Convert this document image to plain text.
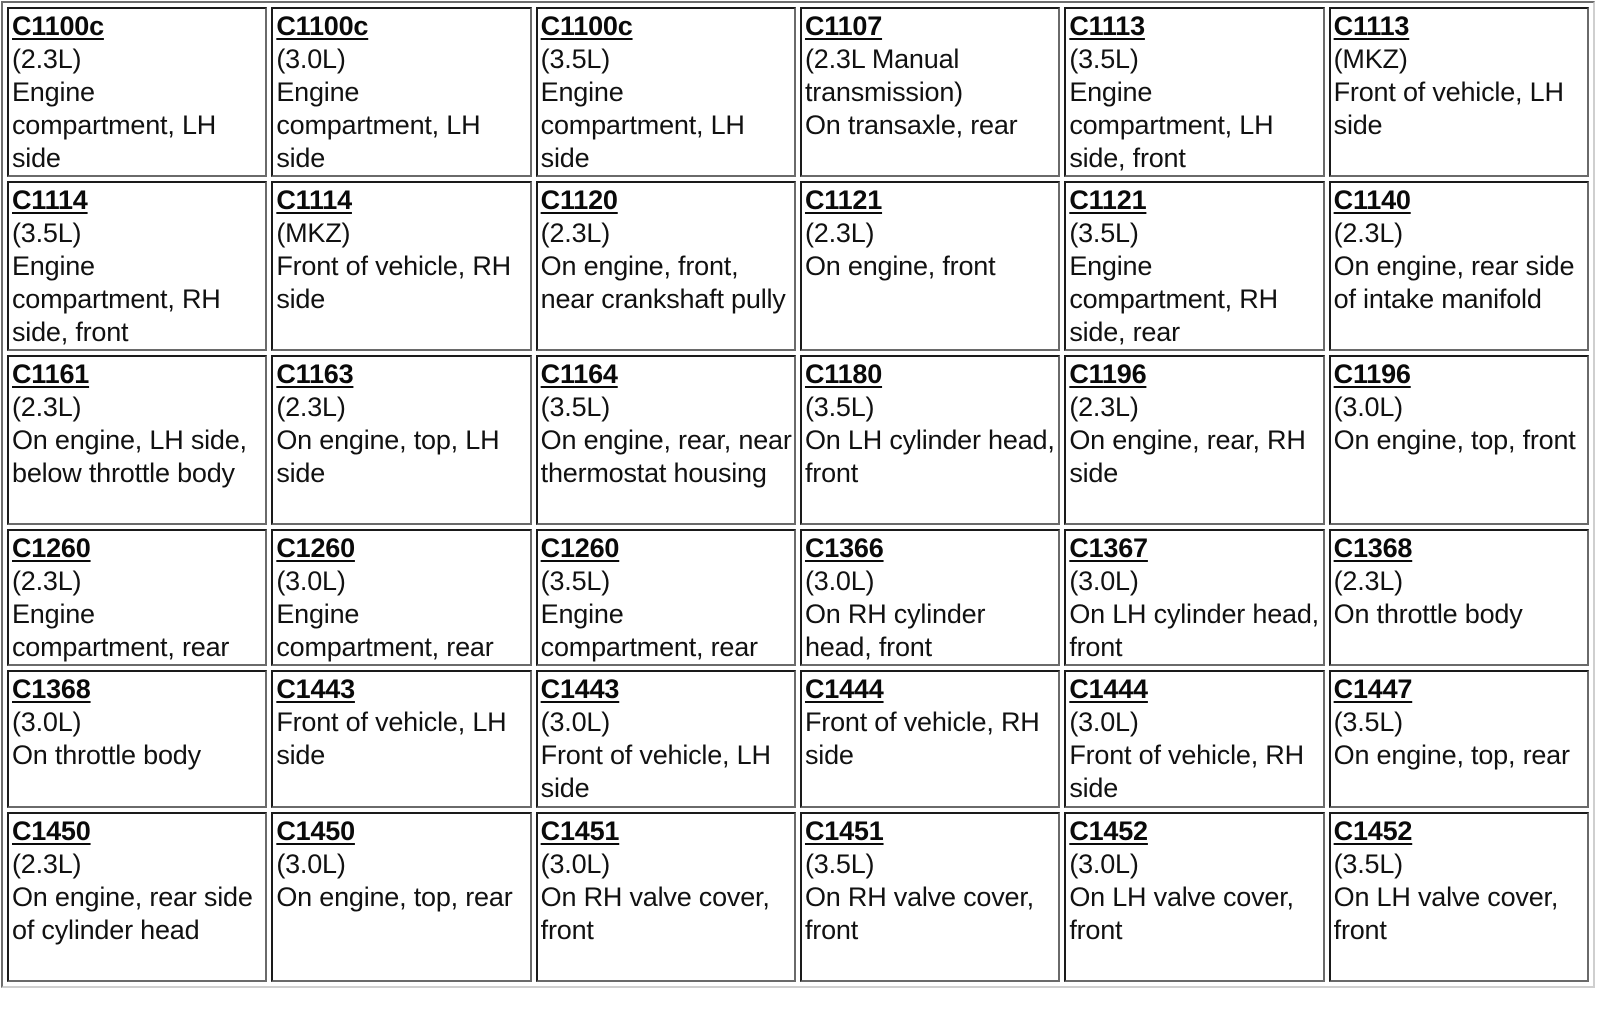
C1100c
(2.3L)
Engine compartment, LH side	C1100c
(3.0L)
Engine compartment, LH side	C1100c
(3.5L)
Engine compartment, LH side	C1107
(2.3L Manual transmission)
On transaxle, rear	C1113
(3.5L)
Engine compartment, LH side, front	C1113
(MKZ)
Front of vehicle, LH side

C1114
(3.5L)
Engine compartment, RH side, front	C1114
(MKZ)
Front of vehicle, RH side	C1120
(2.3L)
On engine, front, near crankshaft pully	C1121
(2.3L)
On engine, front	C1121
(3.5L)
Engine compartment, RH side, rear	C1140
(2.3L)
On engine, rear side of intake manifold

C1161
(2.3L)
On engine, LH side, below throttle body	C1163
(2.3L)
On engine, top, LH side	C1164
(3.5L)
On engine, rear, near thermostat housing	C1180
(3.5L)
On LH cylinder head, front	C1196
(2.3L)
On engine, rear, RH side	C1196
(3.0L)
On engine, top, front

C1260
(2.3L)
Engine compartment, rear	C1260
(3.0L)
Engine compartment, rear	C1260
(3.5L)
Engine compartment, rear	C1366
(3.0L)
On RH cylinder head, front	C1367
(3.0L)
On LH cylinder head, front	C1368
(2.3L)
On throttle body

C1368
(3.0L)
On throttle body	C1443
Front of vehicle, LH side	C1443
(3.0L)
Front of vehicle, LH side	C1444
Front of vehicle, RH side	C1444
(3.0L)
Front of vehicle, RH side	C1447
(3.5L)
On engine, top, rear

C1450
(2.3L)
On engine, rear side of cylinder head	C1450
(3.0L)
On engine, top, rear	C1451
(3.0L)
On RH valve cover, front	C1451
(3.5L)
On RH valve cover, front	C1452
(3.0L)
On LH valve cover, front	C1452
(3.5L)
On LH valve cover, front
